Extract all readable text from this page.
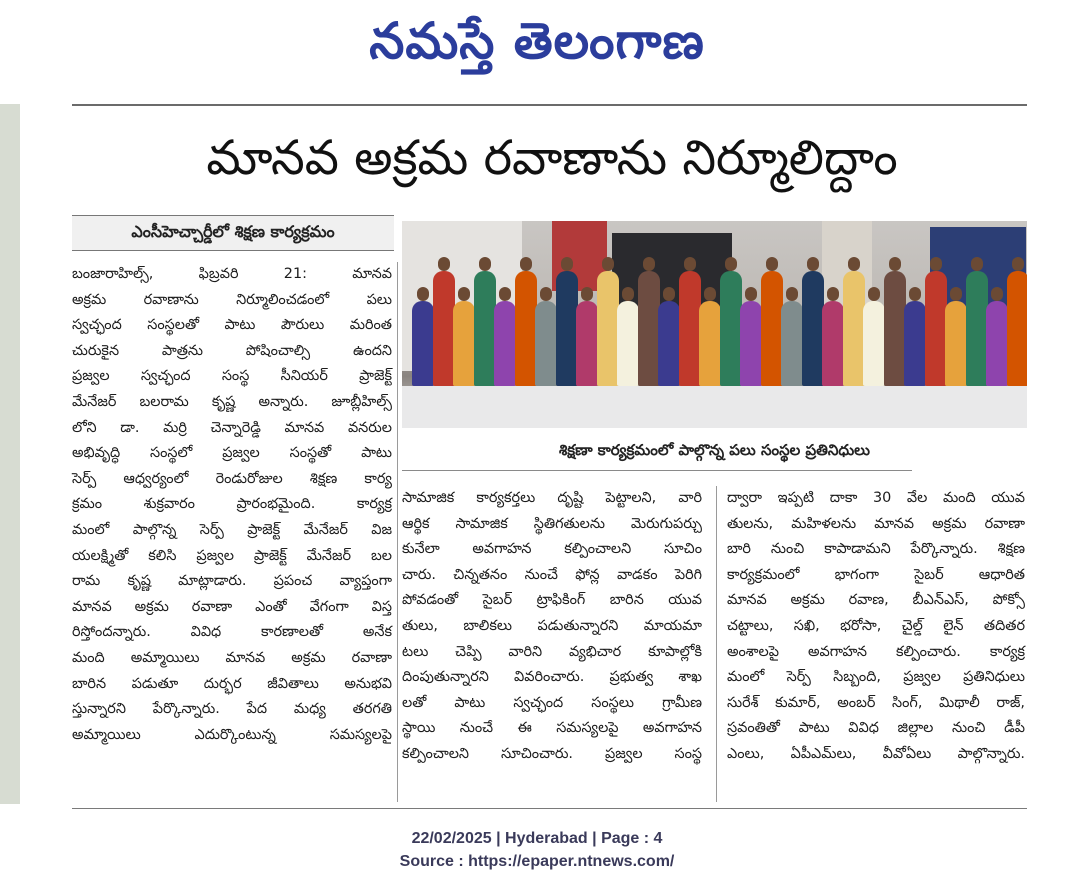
నమస్తే తెలంగాణ
మానవ అక్రమ రవాణాను నిర్మూలిద్దాం
ఎంసీహెచ్చార్డీలో శిక్షణ కార్యక్రమం
శిక్షణా కార్యక్రమంలో పాల్గొన్న పలు సంస్థల ప్రతినిధులు

బంజారాహిల్స్, ఫిబ్రవరి 21: మానవ

అక్రమ రవాణాను నిర్మూలించడంలో పలు

స్వచ్ఛంద సంస్థలతో పాటు పౌరులు మరింత

చురుకైన పాత్రను పోషించాల్సి ఉందని

ప్రజ్వల స్వచ్ఛంద సంస్థ సీనియర్ ప్రాజెక్ట్

మేనేజర్ బలరామ కృష్ణ అన్నారు. జూబ్లీహిల్స్

లోని డా. మర్రి చెన్నారెడ్డి మానవ వనరుల

అభివృద్ధి సంస్థలో ప్రజ్వల సంస్థతో పాటు

సెర్ప్ ఆధ్వర్యంలో రెండురోజుల శిక్షణ కార్య

క్రమం శుక్రవారం ప్రారంభమైంది. కార్యక్ర

మంలో పాల్గొన్న సెర్ప్ ప్రాజెక్ట్ మేనేజర్ విజ

యలక్ష్మితో కలిసి ప్రజ్వల ప్రాజెక్ట్ మేనేజర్ బల

రామ కృష్ణ మాట్లాడారు. ప్రపంచ వ్యాప్తంగా

మానవ అక్రమ రవాణా ఎంతో వేగంగా విస్త

రిస్తోందన్నారు. వివిధ కారణాలతో అనేక

మంది అమ్మాయిలు మానవ అక్రమ రవాణా

బారిన పడుతూ దుర్భర జీవితాలు అనుభవి

స్తున్నారని పేర్కొన్నారు. పేద మధ్య తరగతి

అమ్మాయిలు ఎదుర్కొంటున్న సమస్యలపై

సామాజిక కార్యకర్తలు దృష్టి పెట్టాలని, వారి

ఆర్థిక సామాజిక స్థితిగతులను మెరుగుపర్చు

కునేలా అవగాహన కల్పించాలని సూచిం

చారు. చిన్నతనం నుంచే ఫోన్ల వాడకం పెరిగి

పోవడంతో సైబర్ ట్రాఫికింగ్ బారిన యువ

తులు, బాలికలు పడుతున్నారని మాయమా

టలు చెప్పి వారిని వ్యభిచార కూపాల్లోకి

దింపుతున్నారని వివరించారు. ప్రభుత్వ శాఖ

లతో పాటు స్వచ్ఛంద సంస్థలు గ్రామీణ

స్థాయి నుంచే ఈ సమస్యలపై అవగాహన

కల్పించాలని సూచించారు. ప్రజ్వల సంస్థ

ద్వారా ఇప్పటి దాకా 30 వేల మంది యువ

తులను, మహిళలను మానవ అక్రమ రవాణా

బారి నుంచి కాపాడామని పేర్కొన్నారు. శిక్షణ

కార్యక్రమంలో భాగంగా సైబర్ ఆధారిత

మానవ అక్రమ రవాణ, బీఎన్ఎస్, పోక్సో

చట్టాలు, సఖి, భరోసా, చైల్డ్ లైన్ తదితర

అంశాలపై అవగాహన కల్పించారు. కార్యక్ర

మంలో సెర్ప్ సిబ్బంది, ప్రజ్వల ప్రతినిధులు

సురేశ్ కుమార్, అంబర్ సింగ్, మిథాలీ రాజ్,

స్రవంతితో పాటు వివిధ జిల్లాల నుంచి డీపీ

ఎంలు, ఏపీఎమ్‌లు, వీవోఏలు పాల్గొన్నారు.

22/02/2025 | Hyderabad | Page : 4
Source : https://epaper.ntnews.com/
